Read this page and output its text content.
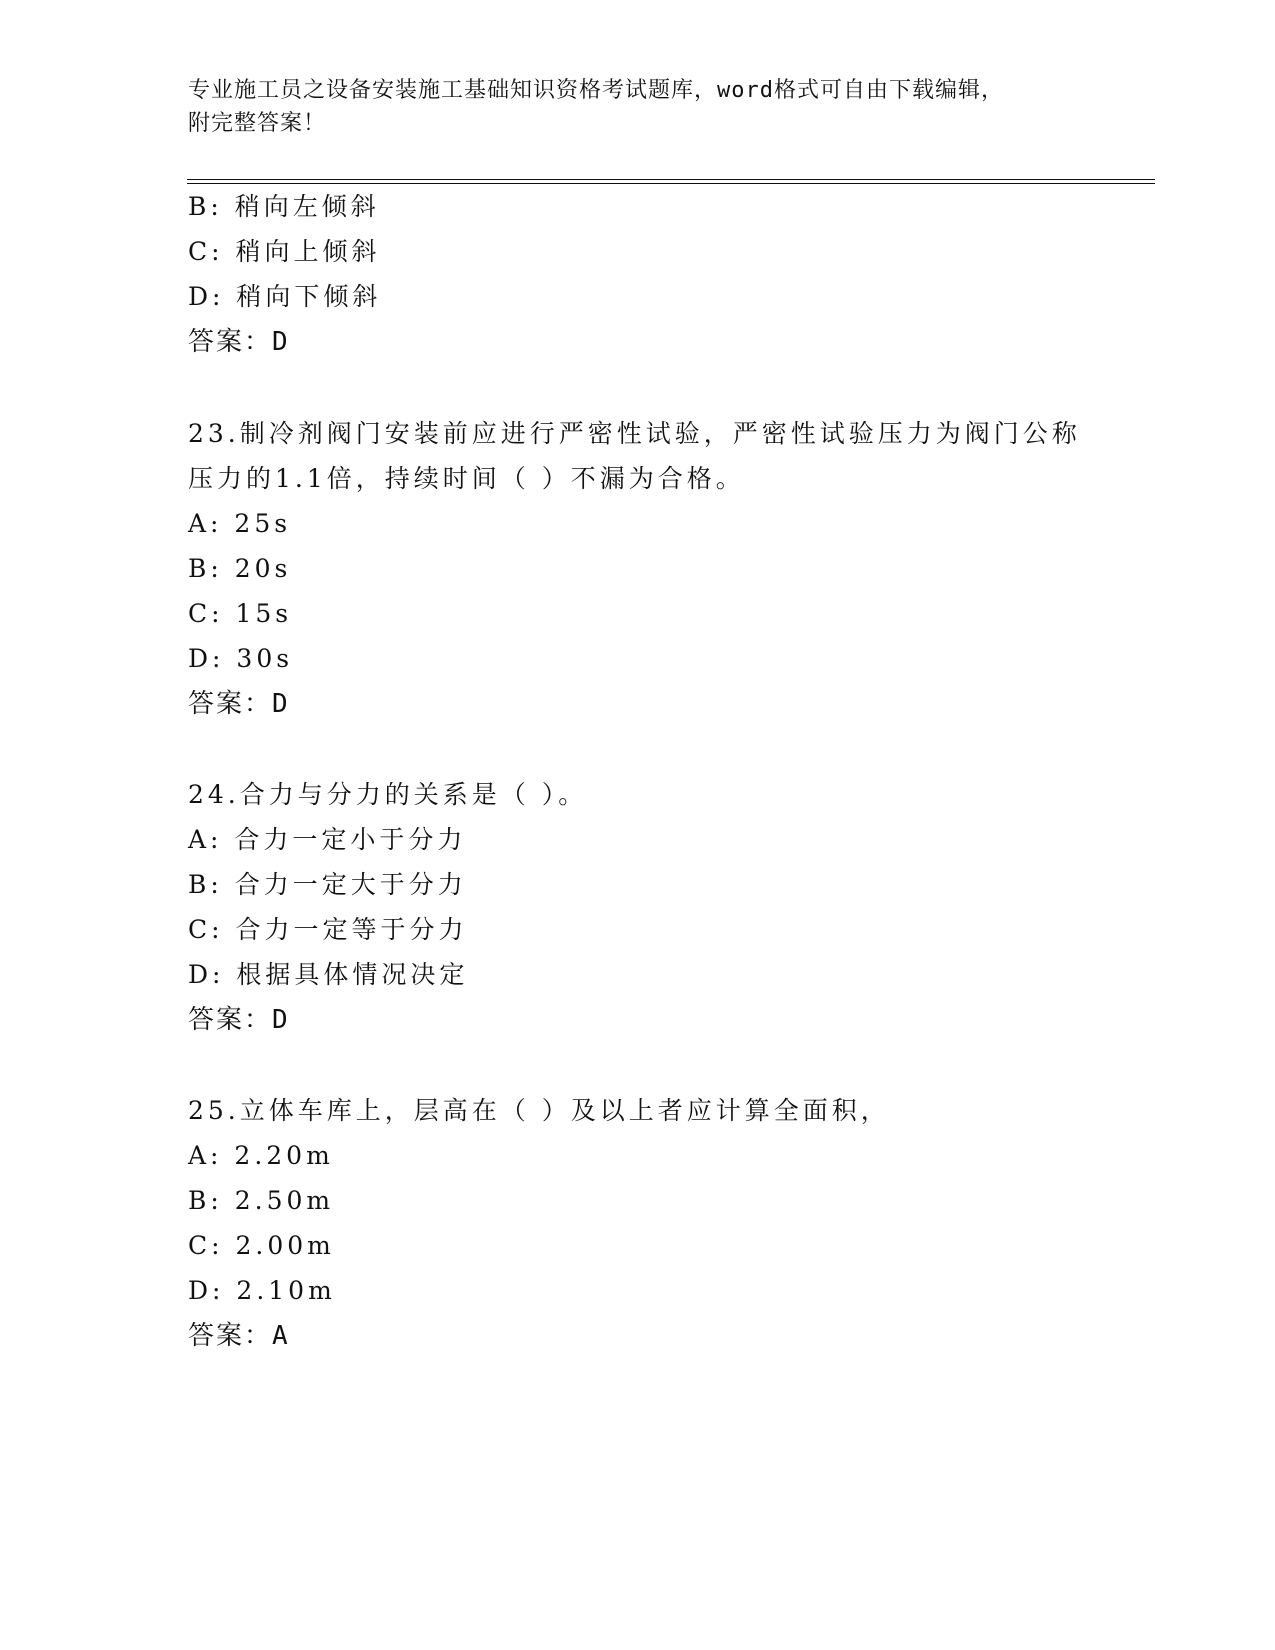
专业施工员之设备安装施工基础知识资格考试题库，word格式可自由下载编辑，
附完整答案！
B: 稍向左倾斜
C: 稍向上倾斜
D: 稍向下倾斜
答案：D
23.制冷剂阀门安装前应进行严密性试验，严密性试验压力为阀门公称
压力的1.1倍，持续时间（ ）不漏为合格。
A: 25s
B: 20s
C: 15s
D: 30s
答案：D
24.合力与分力的关系是（ ）。
A: 合力一定小于分力
B: 合力一定大于分力
C: 合力一定等于分力
D: 根据具体情况决定
答案：D
25.立体车库上，层高在（ ）及以上者应计算全面积，
A: 2.20m
B: 2.50m
C: 2.00m
D: 2.10m
答案：A
